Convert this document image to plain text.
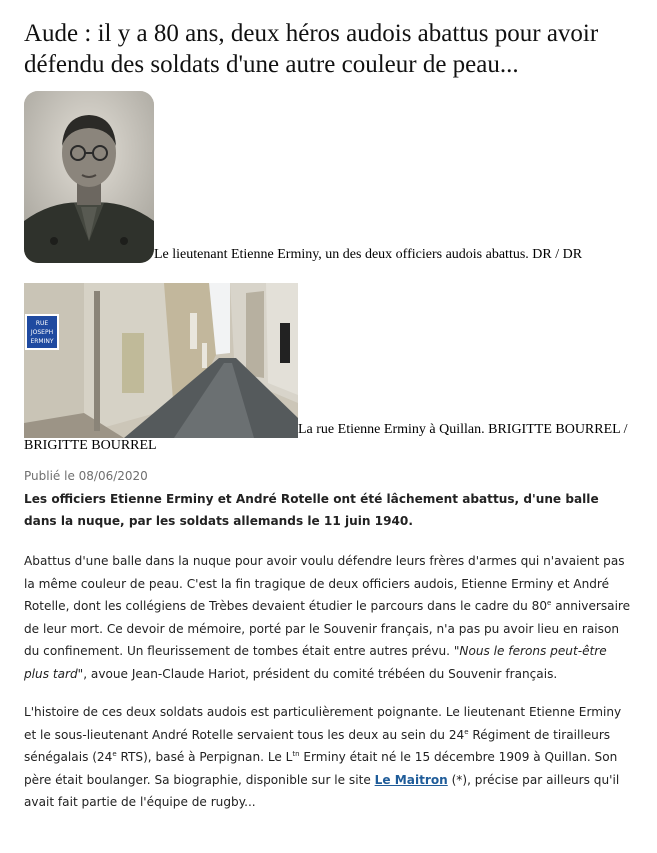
Aude : il y a 80 ans, deux héros audois abattus pour avoir défendu des soldats d'une autre couleur de peau...
Le lieutenant Etienne Erminy, un des deux officiers audois abattus. DR / DR
RUE
JOSEPH
ERMINY
La rue Etienne Erminy à Quillan. BRIGITTE BOURREL / BRIGITTE BOURREL

Publié le 08/06/2020

Les officiers Etienne Erminy et André Rotelle ont été lâchement abattus, d'une balle dans la nuque, par les soldats allemands le 11 juin 1940.

Abattus d'une balle dans la nuque pour avoir voulu défendre leurs frères d'armes qui n'avaient pas la même couleur de peau. C'est la fin tragique de deux officiers audois, Etienne Erminy et André Rotelle, dont les collégiens de Trèbes devaient étudier le parcours dans le cadre du 80e anniversaire de leur mort. Ce devoir de mémoire, porté par le Souvenir français, n'a pas pu avoir lieu en raison du confinement. Un fleurissement de tombes était entre autres prévu. "Nous le ferons peut-être plus tard", avoue Jean-Claude Hariot, président du comité trébéen du Souvenir français.

L'histoire de ces deux soldats audois est particulièrement poignante. Le lieutenant Etienne Erminy et le sous-lieutenant André Rotelle servaient tous les deux au sein du 24e Régiment de tirailleurs sénégalais (24e RTS), basé à Perpignan. Le $L^{tn}$ Erminy était né le 15 décembre 1909 à Quillan. Son père était boulanger. Sa biographie, disponible sur le site Le Maitron (*), précise par ailleurs qu'il avait fait partie de l'équipe de rugby...
